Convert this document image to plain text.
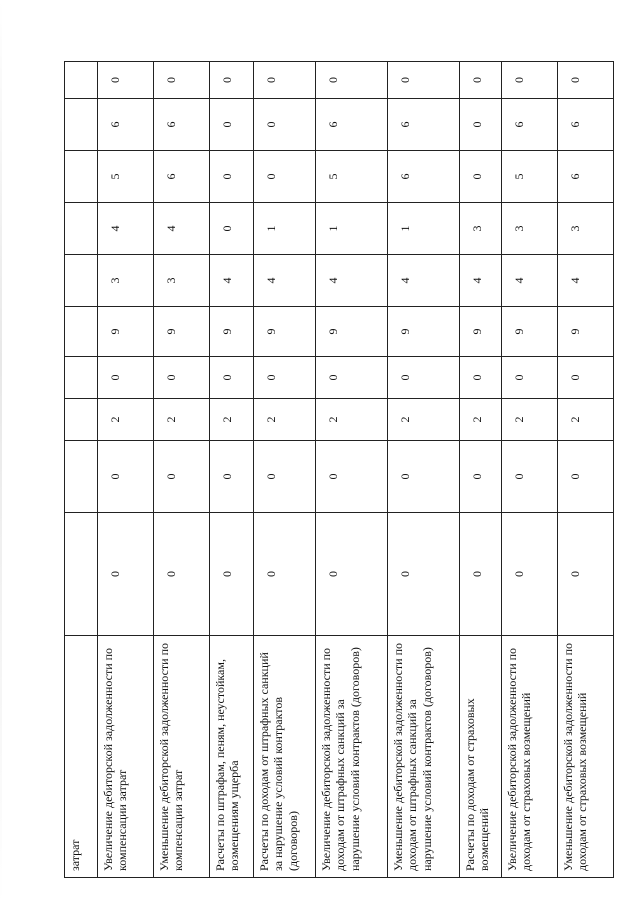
затрат										
Увеличение дебиторской задолженности по компенсации затрат	0	0	2	0	9	3	4	5	6	0
Уменьшение дебиторской задолженности по компенсации затрат	0	0	2	0	9	3	4	6	6	0
Расчеты по штрафам, пеням, неустойкам, возмещениям ущерба	0	0	2	0	9	4	0	0	0	0
Расчеты по доходам от штрафных санкций за нарушение условий контрактов (договоров)	0	0	2	0	9	4	1	0	0	0
Увеличение дебиторской задолженности по доходам от штрафных санкций за нарушение условий контрактов (договоров)	0	0	2	0	9	4	1	5	6	0
Уменьшение дебиторской задолженности по доходам от штрафных санкций за нарушение условий контрактов (договоров)	0	0	2	0	9	4	1	6	6	0
Расчеты по доходам от страховых возмещений	0	0	2	0	9	4	3	0	0	0
Увеличение дебиторской задолженности по доходам от страховых возмещений	0	0	2	0	9	4	3	5	6	0
Уменьшение дебиторской задолженности по доходам от страховых возмещений	0	0	2	0	9	4	3	6	6	0
